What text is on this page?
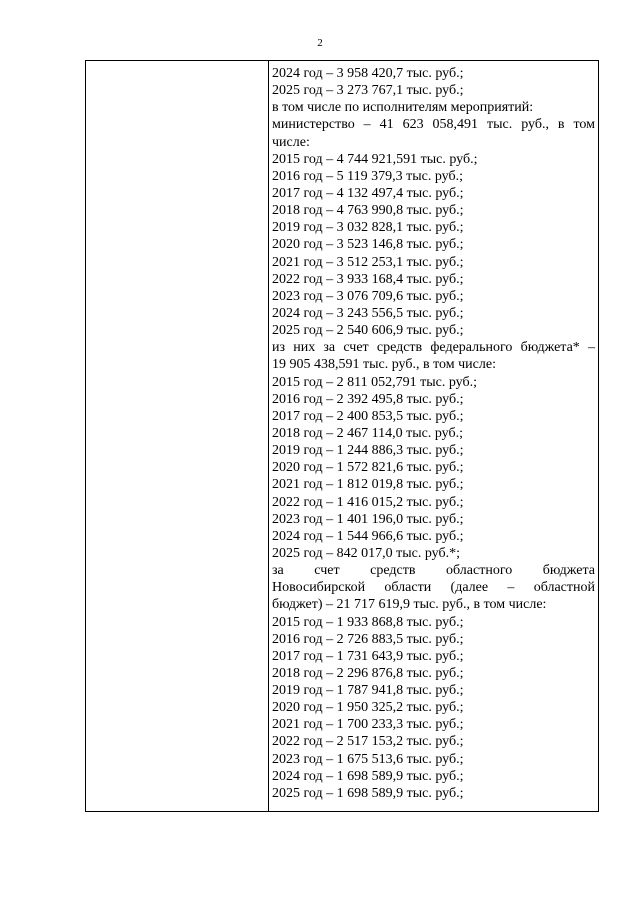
2
2024 год – 3 958 420,7 тыс. руб.;
2025 год – 3 273 767,1 тыс. руб.;
в том числе по исполнителям мероприятий:
министерство – 41 623 058,491 тыс. руб., в том
числе:
2015 год – 4 744 921,591 тыс. руб.;
2016 год – 5 119 379,3 тыс. руб.;
2017 год – 4 132 497,4 тыс. руб.;
2018 год – 4 763 990,8 тыс. руб.;
2019 год – 3 032 828,1 тыс. руб.;
2020 год – 3 523 146,8 тыс. руб.;
2021 год – 3 512 253,1 тыс. руб.;
2022 год – 3 933 168,4 тыс. руб.;
2023 год – 3 076 709,6 тыс. руб.;
2024 год – 3 243 556,5 тыс. руб.;
2025 год – 2 540 606,9 тыс. руб.;
из них за счет средств федерального бюджета* –
19 905 438,591 тыс. руб., в том числе:
2015 год – 2 811 052,791 тыс. руб.;
2016 год – 2 392 495,8 тыс. руб.;
2017 год – 2 400 853,5 тыс. руб.;
2018 год – 2 467 114,0 тыс. руб.;
2019 год – 1 244 886,3 тыс. руб.;
2020 год – 1 572 821,6 тыс. руб.;
2021 год – 1 812 019,8 тыс. руб.;
2022 год – 1 416 015,2 тыс. руб.;
2023 год – 1 401 196,0 тыс. руб.;
2024 год – 1 544 966,6 тыс. руб.;
2025 год – 842 017,0 тыс. руб.*;
за счет средств областного бюджета
Новосибирской области (далее – областной
бюджет) – 21 717 619,9 тыс. руб., в том числе:
2015 год – 1 933 868,8 тыс. руб.;
2016 год – 2 726 883,5 тыс. руб.;
2017 год – 1 731 643,9 тыс. руб.;
2018 год – 2 296 876,8 тыс. руб.;
2019 год – 1 787 941,8 тыс. руб.;
2020 год – 1 950 325,2 тыс. руб.;
2021 год – 1 700 233,3 тыс. руб.;
2022 год – 2 517 153,2 тыс. руб.;
2023 год – 1 675 513,6 тыс. руб.;
2024 год – 1 698 589,9 тыс. руб.;
2025 год – 1 698 589,9 тыс. руб.;
